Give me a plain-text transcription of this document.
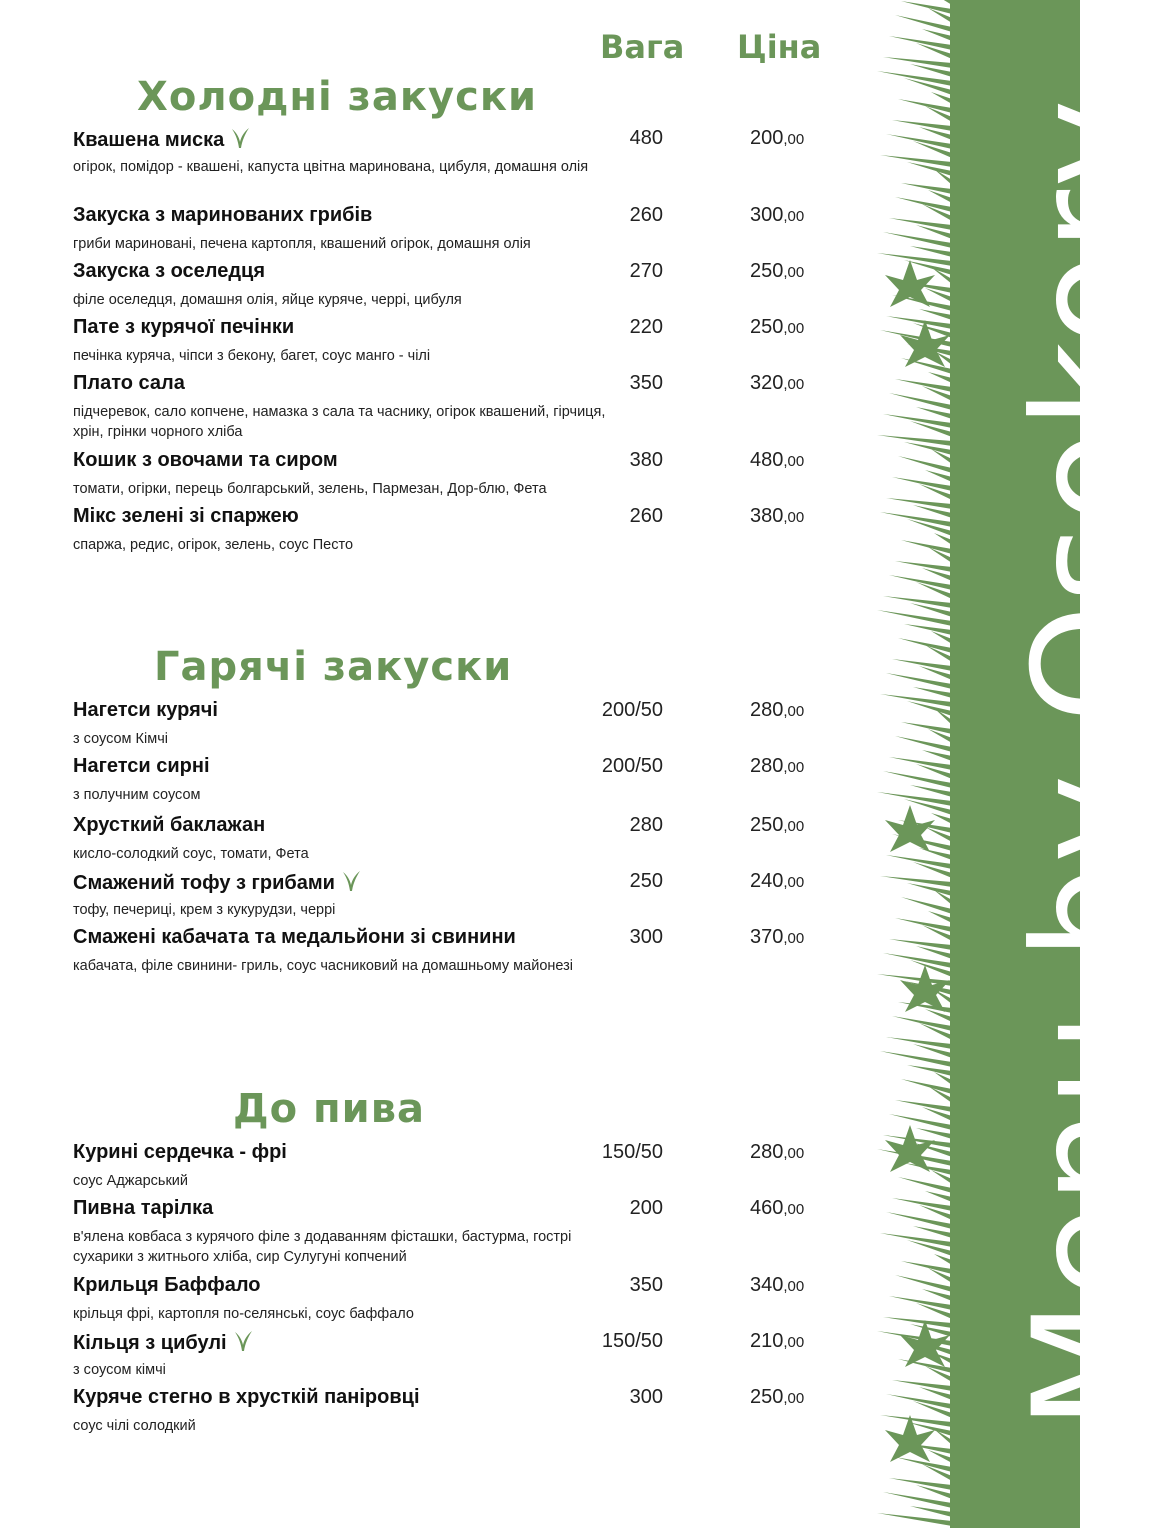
Menu by Osokory
Вага Ціна
Холодні закуски
Квашена миска	480	200,00
огірок, помідор - квашені, капуста цвітна маринована, цибуля, домашня олія
Закуска з маринованих грибів	260	300,00
гриби мариновані, печена картопля, квашений огірок, домашня олія
Закуска з оселедця	270	250,00
філе оселедця, домашня олія, яйце куряче, черрі, цибуля
Пате з курячої печінки	220	250,00
печінка куряча, чіпси з бекону, багет, соус манго - чілі
Плато сала	350	320,00
підчеревок, сало копчене, намазка з сала та часнику, огірок квашений, гірчиця, хрін, грінки чорного хліба
Кошик з овочами та сиром	380	480,00
томати, огірки, перець болгарський, зелень, Пармезан, Дор-блю, Фета
Мікс зелені зі спаржею	260	380,00
спаржа, редис, огірок, зелень, соус Песто
Гарячі закуски
Нагетси курячі	200/50	280,00
з соусом Кімчі
Нагетси сирні	200/50	280,00
з получним соусом
Хрусткий баклажан	280	250,00
кисло-солодкий соус, томати, Фета
Смажений тофу з грибами	250	240,00
тофу, печериці, крем з кукурудзи, черрі
Смажені кабачата та медальйони зі свинини	300	370,00
кабачата, філе свинини- гриль, соус часниковий на домашньому майонезі
До пива
Курині сердечка - фрі	150/50	280,00
соус Аджарський
Пивна тарілка	200	460,00
в'ялена ковбаса з курячого філе з додаванням фісташки, бастурма, гострі сухарики з житнього хліба, сир Сулугуні копчений
Крильця Баффало	350	340,00
крільця фрі, картопля по-селянські, соус баффало
Кільця з цибулі	150/50	210,00
з соусом кімчі
Куряче стегно в хрусткій паніровці	300	250,00
соус чілі солодкий
